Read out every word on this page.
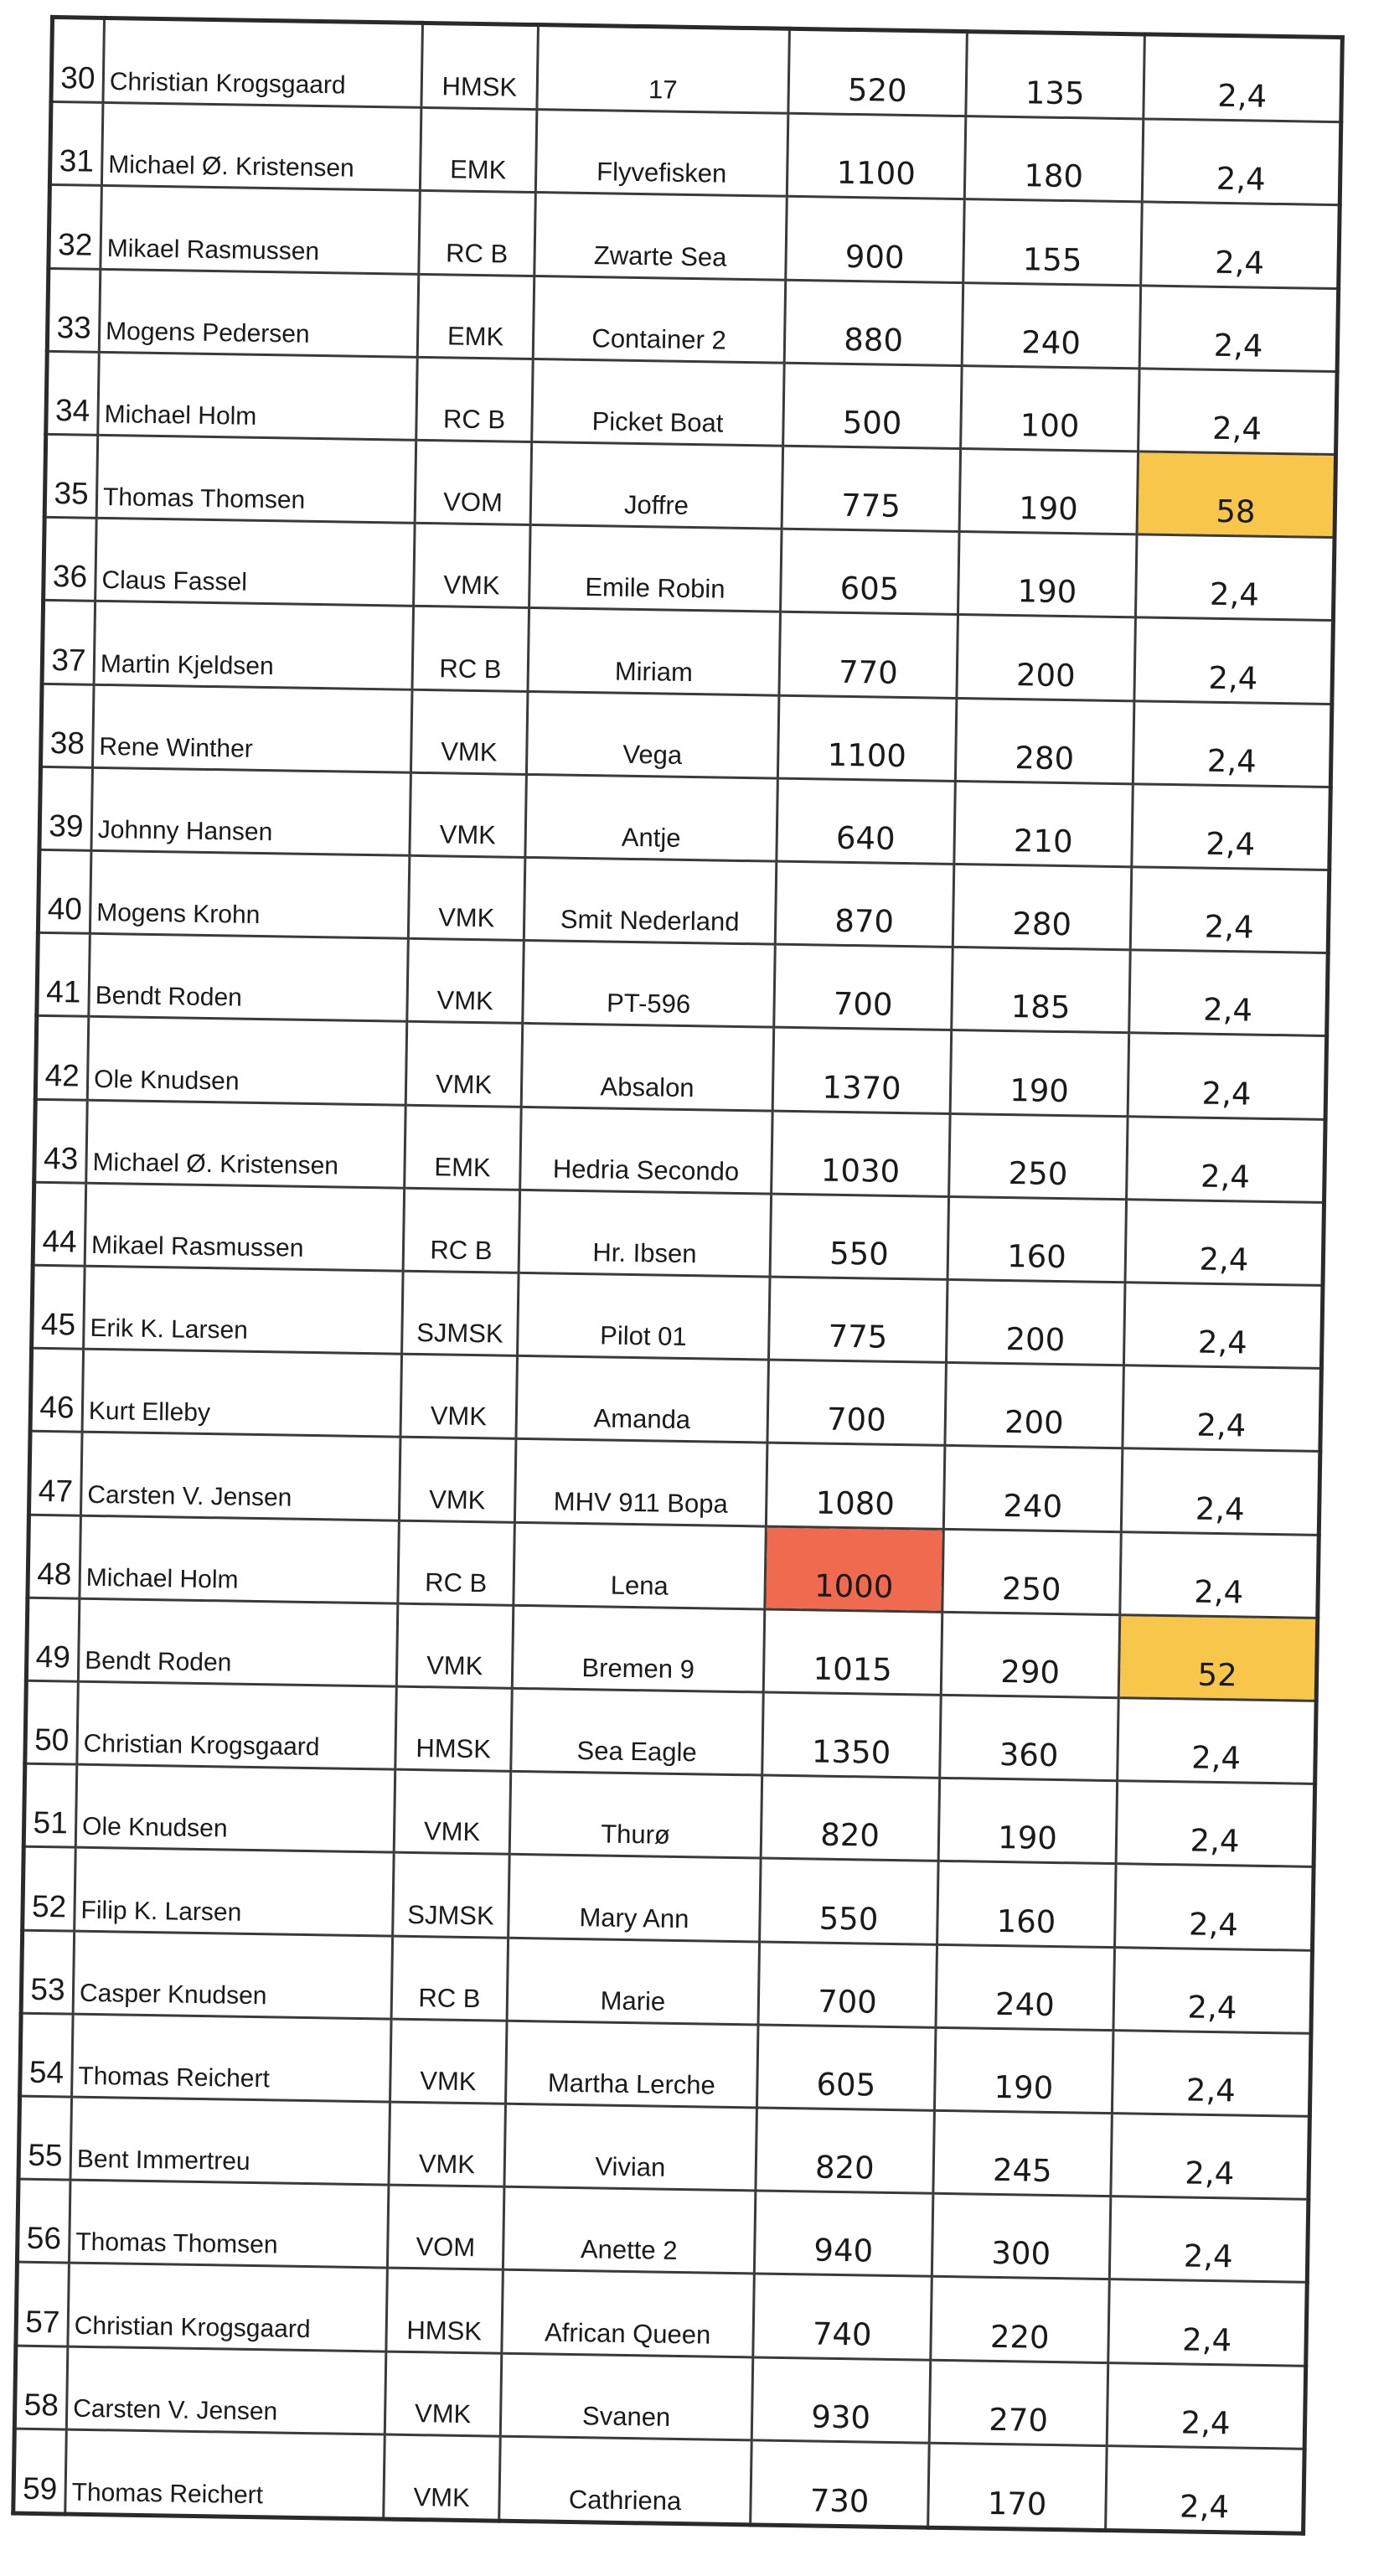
30	Christian Krogsgaard	HMSK	17	520	135	2,4
31	Michael Ø. Kristensen	EMK	Flyvefisken	1100	180	2,4
32	Mikael Rasmussen	RC B	Zwarte Sea	900	155	2,4
33	Mogens Pedersen	EMK	Container 2	880	240	2,4
34	Michael Holm	RC B	Picket Boat	500	100	2,4
35	Thomas Thomsen	VOM	Joffre	775	190	58
36	Claus Fassel	VMK	Emile Robin	605	190	2,4
37	Martin Kjeldsen	RC B	Miriam	770	200	2,4
38	Rene Winther	VMK	Vega	1100	280	2,4
39	Johnny Hansen	VMK	Antje	640	210	2,4
40	Mogens Krohn	VMK	Smit Nederland	870	280	2,4
41	Bendt Roden	VMK	PT-596	700	185	2,4
42	Ole Knudsen	VMK	Absalon	1370	190	2,4
43	Michael Ø. Kristensen	EMK	Hedria Secondo	1030	250	2,4
44	Mikael Rasmussen	RC B	Hr. Ibsen	550	160	2,4
45	Erik K. Larsen	SJMSK	Pilot 01	775	200	2,4
46	Kurt Elleby	VMK	Amanda	700	200	2,4
47	Carsten V. Jensen	VMK	MHV 911 Bopa	1080	240	2,4
48	Michael Holm	RC B	Lena	1000	250	2,4
49	Bendt Roden	VMK	Bremen 9	1015	290	52
50	Christian Krogsgaard	HMSK	Sea Eagle	1350	360	2,4
51	Ole Knudsen	VMK	Thurø	820	190	2,4
52	Filip K. Larsen	SJMSK	Mary Ann	550	160	2,4
53	Casper Knudsen	RC B	Marie	700	240	2,4
54	Thomas Reichert	VMK	Martha Lerche	605	190	2,4
55	Bent Immertreu	VMK	Vivian	820	245	2,4
56	Thomas Thomsen	VOM	Anette 2	940	300	2,4
57	Christian Krogsgaard	HMSK	African Queen	740	220	2,4
58	Carsten V. Jensen	VMK	Svanen	930	270	2,4
59	Thomas Reichert	VMK	Cathriena	730	170	2,4
